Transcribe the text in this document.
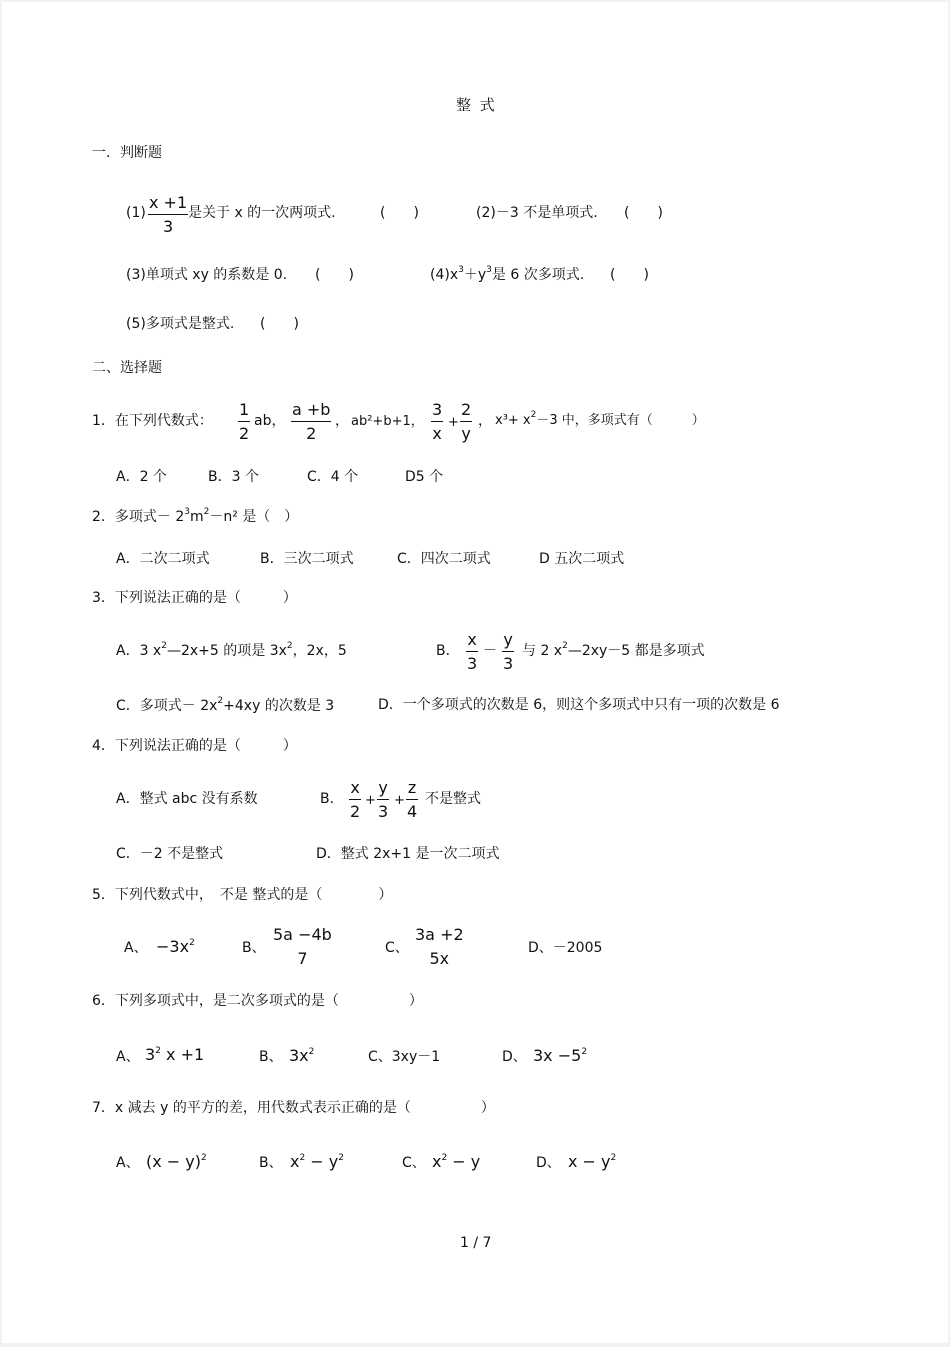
整 式
一．判断题
(1)
x +1
3
是关于 x 的一次两项式.	(　　)	(2)－3 不是单项式. (　　)
(3)单项式 xy 的系数是 0. (　　)	$(4)x^3+y^3$是 6 次多项式. (　　)
(5)多项式是整式. (　　)
二、选择题
1．在下列代数式：
1
2
ab，
a +b
2
， ab²+b+1，
3
x
+
2
y
， $x^3+ x^2-3$ 中，多项式有（　　　）
A．2 个	B．3 个	C．4 个	D5 个
2．多项式－ $2^3m^2-n^2$ 是（　）
A．二次二项式	B．三次二项式	C．四次二项式	D 五次二项式
3．下列说法正确的是（　　　）
A．3 $x^2—2x+5$ 的项是 $3x^2$，2x，5	B．
x
3
－
y
3
与 2 $x^2—2xy-5$ 都是多项式
C．多项式－ $2x^2+4xy$ 的次数是 3	D．一个多项式的次数是 6，则这个多项式中只有一项的次数是 6
4．下列说法正确的是（　　　）
A．整式 abc 没有系数	B．
x
2
+
y
3
+
z
4
不是整式
C．－2 不是整式	D．整式 2x+1 是一次二项式
5．下列代数式中，　不是 整式的是（　　　　）
A、 $-3x^2$	B、
5a −4b
7
C、
3a +2
5x
D、－2005
6．下列多项式中，是二次多项式的是（　　　　　）
A、 $3^2$ x +1	B、 $3x^2$	C、3xy－1	D、 $3x -5^2$
7．x 减去 y 的平方的差，用代数式表示正确的是（　　　　　）
A、 $(x - y)^2$	B、 $x^2 - y^2$	C、 $x^2 - y$	D、 $x - y^2$
1 / 7
